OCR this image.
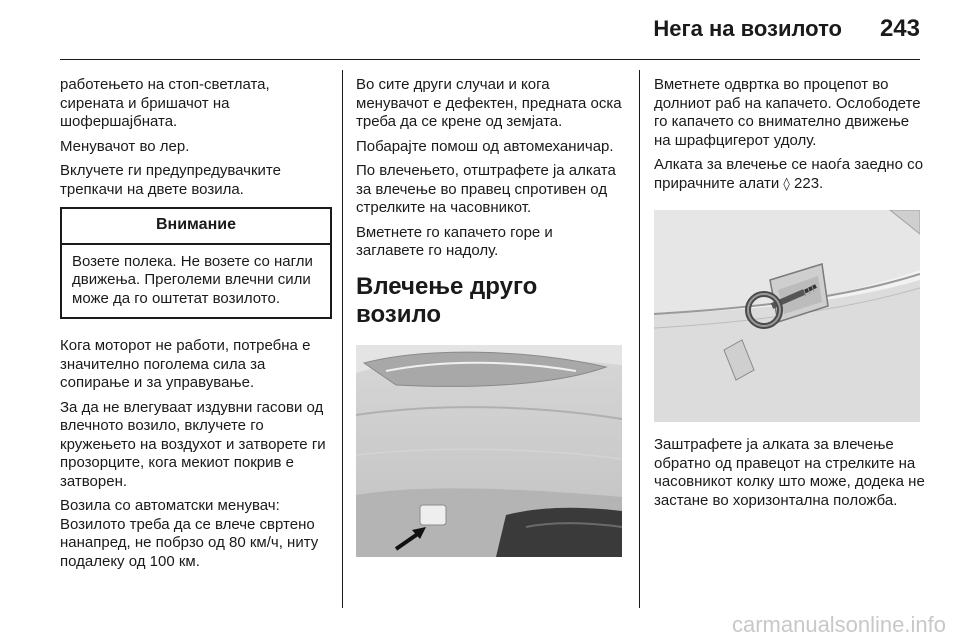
Нега на возилото 243

работењето на стоп-светлата, сирената и бришачот на шофершајбната.

Менувачот во лер.

Вклучете ги предупредувачките трепкачи на двете возила.

Внимание
Возете полека. Не возете со нагли движења. Преголеми влечни сили може да го оштетат возилото.

Кога моторот не работи, потребна е значително поголема сила за сопирање и за управување.

За да не влегуваат издувни гасови од влечното возило, вклучете го кружењето на воздухот и затворете ги прозорците, кога мекиот покрив е затворен.

Возила со автоматски менувач: Возилото треба да се влече свртено нанапред, не побрзо од 80 км/ч, ниту подалеку од 100 км.

Во сите други случаи и кога менувачот е дефектен, предната оска треба да се крене од земјата.

Побарајте помош од автомеханичар.

По влечењето, отштрафете ја алката за влечење во правец спротивен од стрелките на часовникот.

Вметнете го капачето горе и заглавете го надолу.

Влечење друго возило

Вметнете одвртка во процепот во долниот раб на капачето. Ослободете го капачето со внимателно движење на шрафцигерот удолу.

Алката за влечење се наоѓа заедно со прирачните алати ◊ 223.

Заштрафете ја алката за влечење обратно од правецот на стрелките на часовникот колку што може, додека не застане во хоризонтална положба.

carmanualsonline.info
